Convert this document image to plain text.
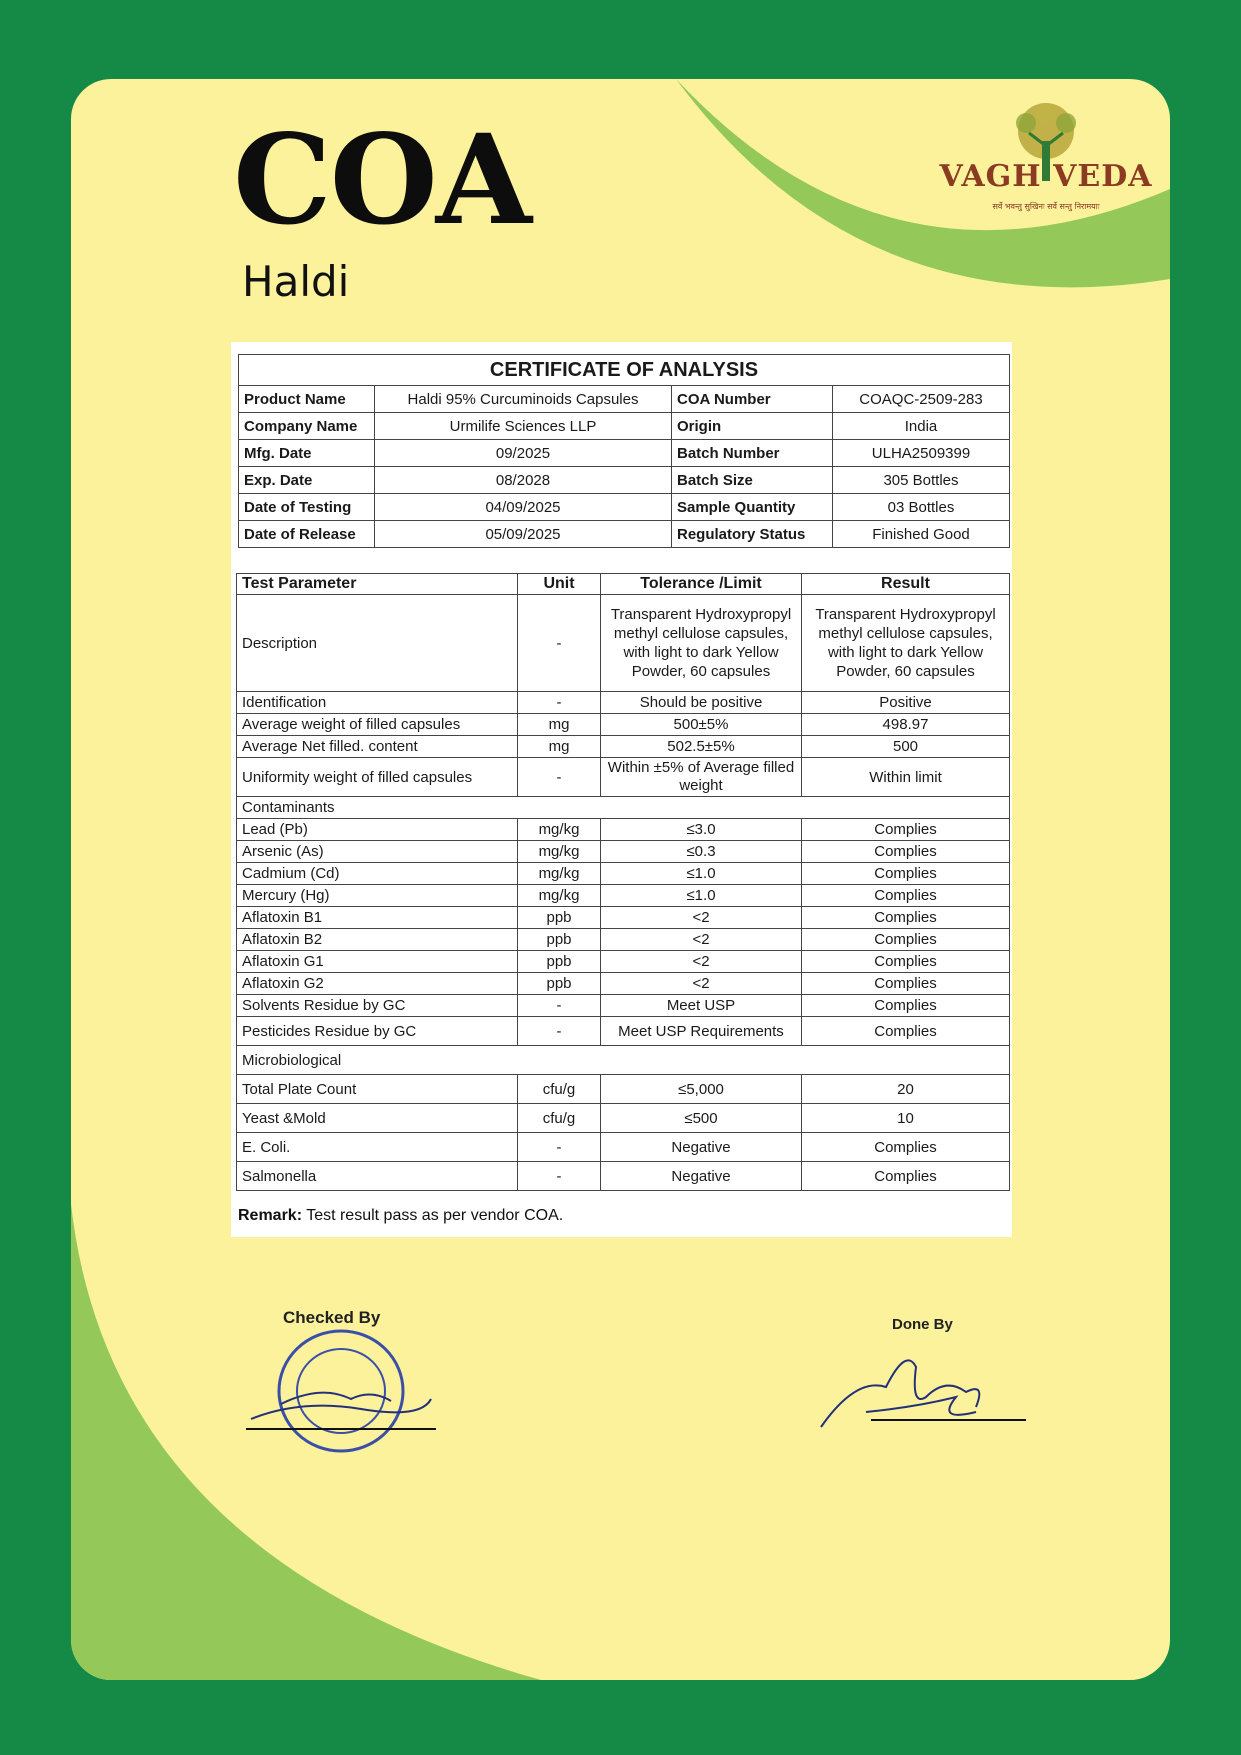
COA
Haldi
VAGH VEDA
सर्वे भवन्तु सुखिनः सर्वे सन्तु निरामयाः
CERTIFICATE OF ANALYSIS			
Product Name	Haldi 95% Curcuminoids Capsules	COA Number	COAQC-2509-283
Company Name	Urmilife Sciences LLP	Origin	India
Mfg. Date	09/2025	Batch Number	ULHA2509399
Exp. Date	08/2028	Batch Size	305 Bottles
Date of Testing	04/09/2025	Sample Quantity	03 Bottles
Date of Release	05/09/2025	Regulatory Status	Finished Good
Test Parameter	Unit	Tolerance /Limit	Result
Description	-	Transparent Hydroxypropyl methyl cellulose capsules, with light to dark Yellow Powder, 60 capsules	Transparent Hydroxypropyl methyl cellulose capsules, with light to dark Yellow Powder, 60 capsules
Identification	-	Should be positive	Positive
Average weight of filled capsules	mg	500±5%	498.97
Average Net filled. content	mg	502.5±5%	500
Uniformity weight of filled capsules	-	Within ±5% of Average filled weight	Within limit
Contaminants			
Lead (Pb)	mg/kg	≤3.0	Complies
Arsenic (As)	mg/kg	≤0.3	Complies
Cadmium (Cd)	mg/kg	≤1.0	Complies
Mercury (Hg)	mg/kg	≤1.0	Complies
Aflatoxin B1	ppb	<2	Complies
Aflatoxin B2	ppb	<2	Complies
Aflatoxin G1	ppb	<2	Complies
Aflatoxin G2	ppb	<2	Complies
Solvents Residue by GC	-	Meet USP	Complies
Pesticides Residue by GC	-	Meet USP Requirements	Complies
Microbiological			
Total Plate Count	cfu/g	≤5,000	20
Yeast &Mold	cfu/g	≤500	10
E. Coli.	-	Negative	Complies
Salmonella	-	Negative	Complies
Remark: Test result pass as per vendor COA.
Checked By	Done By
